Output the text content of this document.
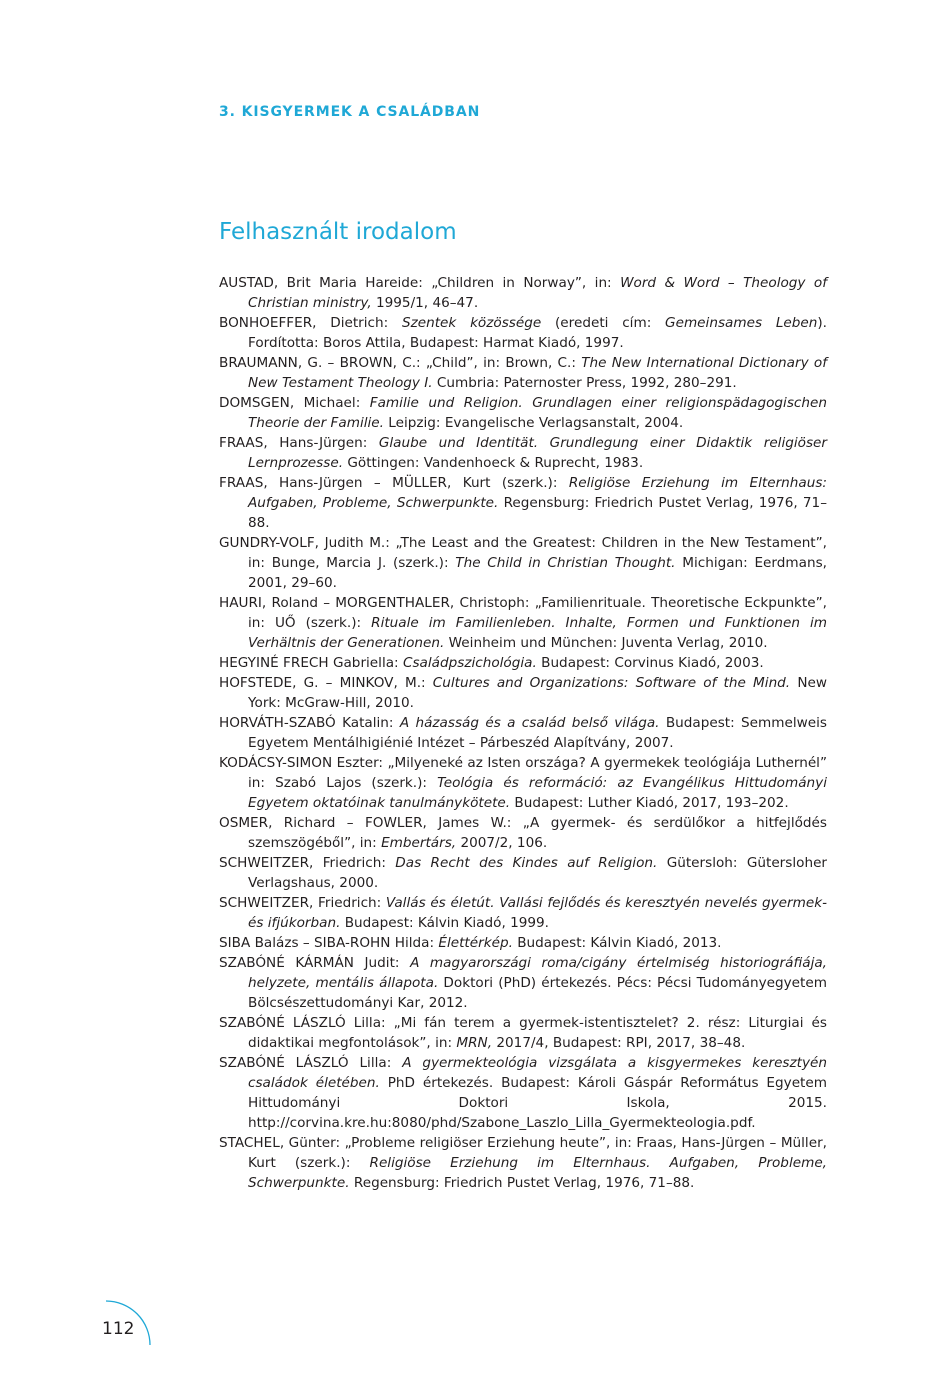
3. KISGYERMEK A CSALÁDBAN
Felhasznált irodalom
AUSTAD, Brit Maria Hareide: „Children in Norway”, in: Word & Word – Theology of Christian ministry, 1995/1, 46–47.
BONHOEFFER, Dietrich: Szentek közössége (eredeti cím: Gemeinsames Leben). Fordította: Boros Attila, Budapest: Harmat Kiadó, 1997.
BRAUMANN, G. – BROWN, C.: „Child”, in: Brown, C.: The New International Dictionary of New Testament Theology I. Cumbria: Paternoster Press, 1992, 280–291.
DOMSGEN, Michael: Familie und Religion. Grundlagen einer religionspädagogischen Theorie der Familie. Leipzig: Evangelische Verlagsanstalt, 2004.
FRAAS, Hans-Jürgen: Glaube und Identität. Grundlegung einer Didaktik religiöser Lernprozesse. Göttingen: Vandenhoeck & Ruprecht, 1983.
FRAAS, Hans-Jürgen – MÜLLER, Kurt (szerk.): Religiöse Erziehung im Elternhaus: Aufgaben, Probleme, Schwerpunkte. Regensburg: Friedrich Pustet Verlag, 1976, 71–88.
GUNDRY-VOLF, Judith M.: „The Least and the Greatest: Children in the New Testament”, in: Bunge, Marcia J. (szerk.): The Child in Christian Thought. Michigan: Eerdmans, 2001, 29–60.
HAURI, Roland – MORGENTHALER, Christoph: „Familienrituale. Theoretische Eckpunkte”, in: UŐ (szerk.): Rituale im Familienleben. Inhalte, Formen und Funktionen im Verhältnis der Generationen. Weinheim und München: Juventa Verlag, 2010.
HEGYINÉ FRECH Gabriella: Családpszichológia. Budapest: Corvinus Kiadó, 2003.
HOFSTEDE, G. – MINKOV, M.: Cultures and Organizations: Software of the Mind. New York: McGraw-Hill, 2010.
HORVÁTH-SZABÓ Katalin: A házasság és a család belső világa. Budapest: Semmelweis Egyetem Mentálhigiénié Intézet – Párbeszéd Alapítvány, 2007.
KODÁCSY-SIMON Eszter: „Milyeneké az Isten országa? A gyermekek teológiája Luthernél” in: Szabó Lajos (szerk.): Teológia és reformáció: az Evangélikus Hittudományi Egyetem oktatóinak tanulmánykötete. Budapest: Luther Kiadó, 2017, 193–202.
OSMER, Richard – FOWLER, James W.: „A gyermek- és serdülőkor a hitfejlődés szemszögéből”, in: Embertárs, 2007/2, 106.
SCHWEITZER, Friedrich: Das Recht des Kindes auf Religion. Gütersloh: Gütersloher Verlagshaus, 2000.
SCHWEITZER, Friedrich: Vallás és életút. Vallási fejlődés és keresztyén nevelés gyermek- és ifjúkorban. Budapest: Kálvin Kiadó, 1999.
SIBA Balázs – SIBA-ROHN Hilda: Élettérkép. Budapest: Kálvin Kiadó, 2013.
SZABÓNÉ KÁRMÁN Judit: A magyarországi roma/cigány értelmiség historiográfiája, helyzete, mentális állapota. Doktori (PhD) értekezés. Pécs: Pécsi Tudományegyetem Bölcsészettudományi Kar, 2012.
SZABÓNÉ LÁSZLÓ Lilla: „Mi fán terem a gyermek-istentisztelet? 2. rész: Liturgiai és didaktikai megfontolások”, in: MRN, 2017/4, Budapest: RPI, 2017, 38–48.
SZABÓNÉ LÁSZLÓ Lilla: A gyermekteológia vizsgálata a kisgyermekes keresztyén családok életében. PhD értekezés. Budapest: Károli Gáspár Református Egyetem Hittudományi Doktori Iskola, 2015. http://corvina.kre.hu:8080/phd/Szabone_Laszlo_Lilla_Gyermekteologia.pdf.
STACHEL, Günter: „Probleme religiöser Erziehung heute”, in: Fraas, Hans-Jürgen – Müller, Kurt (szerk.): Religiöse Erziehung im Elternhaus. Aufgaben, Probleme, Schwerpunkte. Regensburg: Friedrich Pustet Verlag, 1976, 71–88.
112
